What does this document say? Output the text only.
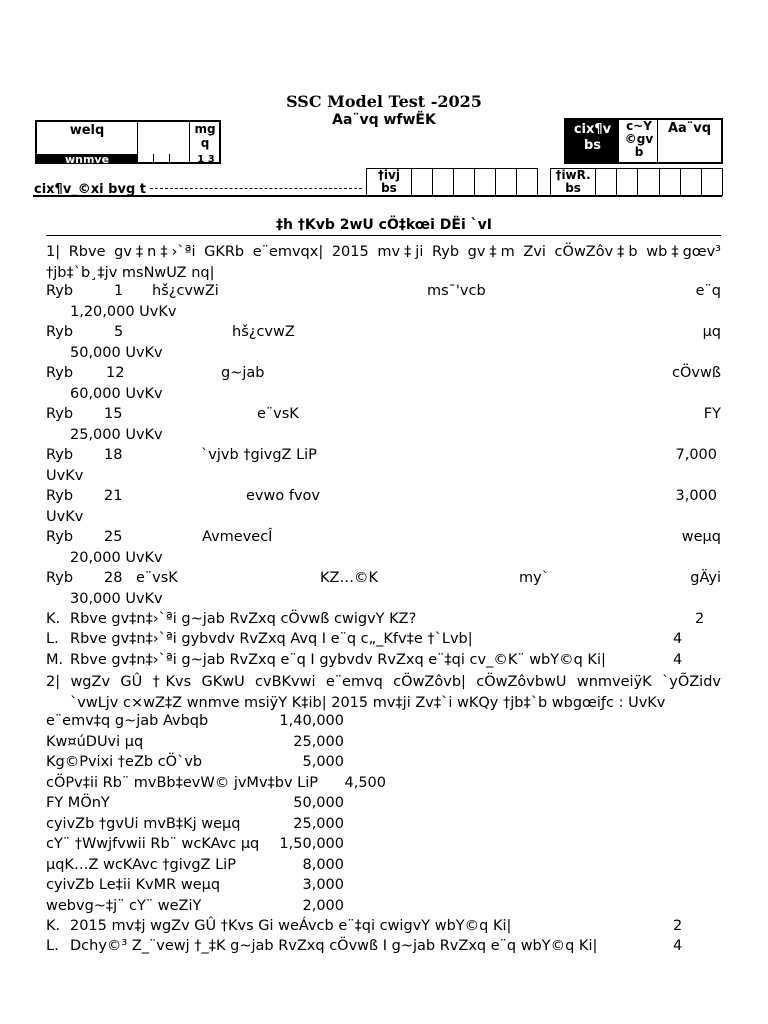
SSC Model Test -2025
Aa¨vq wfwËK
welq	mg
q
wnmve	1 3
cix¶v
bs
c~Y
©gv
b
Aa¨vq
cix¶v_©xi bvg t
†ivj
bs
†iwR.
bs
‡h †Kvb 2wU cÖ‡kœi DËi `vI
1| Rbve gv‡n‡›`ªi GKRb e¨emvqx| 2015 mv‡ji Ryb gv‡m Zvi cÖwZôv‡b wb‡gœv³
†jb‡`b¸‡jv msNwUZ nq|
Ryb	1 hš¿cvwZi	ms¯'vcb	e¨q
1,20,000 UvKv
Ryb	5	hš¿cvwZ	µq
50,000 UvKv
Ryb 12	g~jab	cÖvwß
60,000 UvKv
Ryb 15	e¨vsK	FY
25,000 UvKv
Ryb 18	`vjvb †givgZ LiP	7,000
UvKv
Ryb 21	evwo fvov	3,000
UvKv
Ryb 25	AvmevecÎ	weµq
20,000 UvKv
Ryb 28 e¨vsK	KZ…©K	my`	gÄyi
30,000 UvKv
K. Rbve gv‡n‡›`ªi g~jab RvZxq cÖvwß cwigvY KZ?	2
L. Rbve gv‡n‡›`ªi gybvdv RvZxq Avq I e¨q c„_Kfv‡e †`Lvb|	4
M. Rbve gv‡n‡›`ªi g~jab RvZxq e¨q I gybvdv RvZxq e¨‡qi cv_©K¨ wbY©q Ki|	4
2| wgZv GÛ †Kvs GKwU cvBKvwi e¨emvq cÖwZôvb| cÖwZôvbwU wnmveiÿK `yÕZidv
`vwLjv c×wZ‡Z wnmve msiÿY K‡ib| 2015 mv‡ji Zv‡`i wKQy †jb‡`b wbgœiƒc : UvKv
e¨emv‡q g~jab Avbqb	1,40,000
Kw¤úDUvi µq	25,000
Kg©Pvixi †eZb cÖ`vb	5,000
cÖPv‡ii Rb¨ mvBb‡evW© jvMv‡bv LiP 4,500
FY MÖnY	50,000
cyivZb †gvUi mvB‡Kj weµq	25,000
cY¨ †Wwjfvwii Rb¨ wcKAvc µq 1,50,000
µqK…Z wcKAvc †givgZ LiP	8,000
cyivZb Le‡ii KvMR weµq	3,000
webvg~‡j¨ cY¨ weZiY	2,000
K. 2015 mv‡j wgZv GÛ †Kvs Gi weÁvcb e¨‡qi cwigvY wbY©q Ki|	2
L. Dchy©³ Z_¨vewj †_‡K g~jab RvZxq cÖvwß I g~jab RvZxq e¨q wbY©q Ki|	4
